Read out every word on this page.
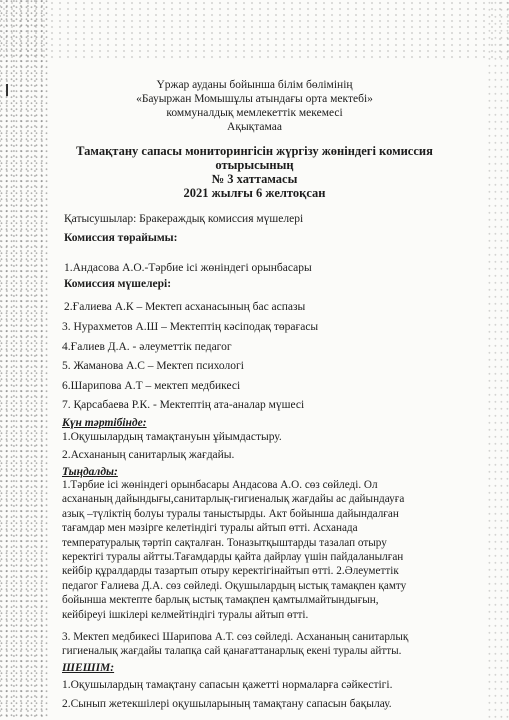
Үржар ауданы бойынша білім бөлімінің
«Бауыржан Момышұлы атындағы орта мектебі»
коммуналдық мемлекеттік мекемесі
Ақықтамаа
Тамақтану сапасы мониторингісін жүргізу жөніндегі комиссия
отырысының
№ 3 хаттамасы
2021 жылғы 6 желтоқсан
Қатысушылар: Бракераждық комиссия мүшелері
Комиссия төрайымы:
1.Андасова А.О.-Тәрбие ісі жөніндегі орынбасары
Комиссия мүшелері:
2.Ғалиева А.К – Мектеп асханасының бас аспазы
3. Нурахметов А.Ш – Мектептің кәсіподақ төрағасы
4.Ғалиев Д.А. - әлеуметтік педагог
5. Жаманова А.С – Мектеп психологі
6.Шарипова А.Т – мектеп медбикесі
7. Қарсабаева Р.К. - Мектептің ата-аналар мүшесі
Күн тәртібінде:
1.Оқушылардың тамақтануын ұйымдастыру.
2.Асхананың санитарлық жағдайы.
Тыңдалды:
1.Тәрбие ісі жөніндегі орынбасары Андасова А.О. сөз сөйледі. Ол
асхананың дайындығы,санитарлық-гигиеналық жағдайы ас дайындауға
азық –түліктің болуы туралы таныстырды. Акт бойынша дайындалған
тағамдар мен мәзірге келетіндігі туралы айтып өтті. Асханада
температуралық тәртіп сақталған. Тоназытқыштарды тазалап отыру
керектігі туралы айтты.Тағамдарды қайта дайрлау үшін пайдаланылған
кейбір құралдарды тазартып отыру керектігінайтып өтті. 2.Әлеуметтік
педагог Ғалиева Д.А. сөз сөйледі. Оқушылардың ыстық тамақпен қамту
бойынша мектепте барлық ыстық тамақпен қамтылмайтындығын,
кейбіреуі ішкілері келмейтіндігі туралы айтып өтті.
3. Мектеп медбикесі Шарипова А.Т. сөз сөйледі. Асхананың санитарлық
гигиеналық жағдайы талапқа сай қанағаттанарлық екені туралы айтты.
ШЕШІМ:
1.Оқушылардың тамақтану сапасын қажетті нормаларға сәйкестігі.
2.Сынып жетекшілері оқушыларының тамақтану сапасын бақылау.
